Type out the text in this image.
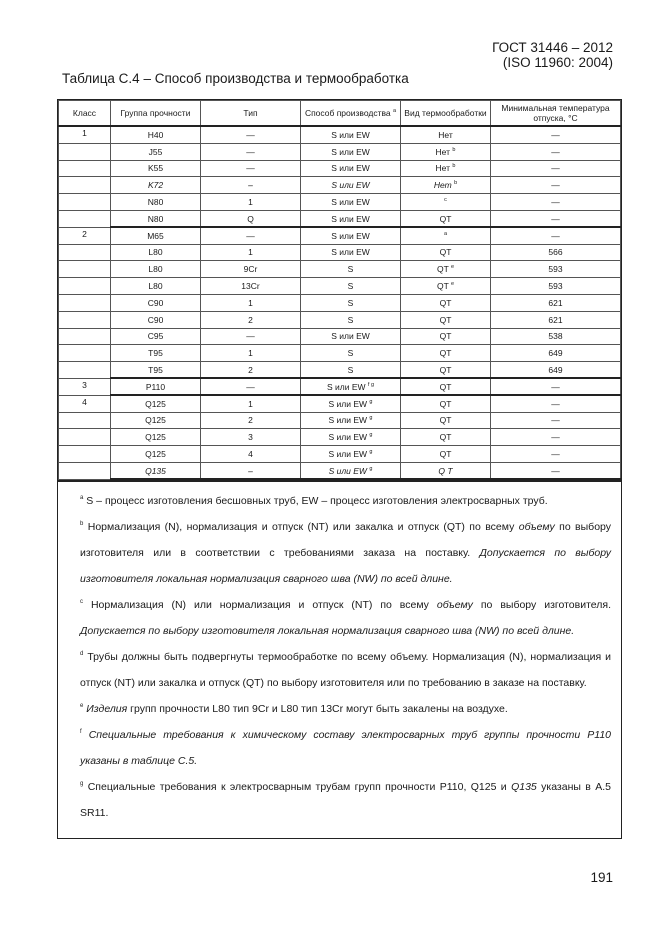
ГОСТ 31446 – 2012
(ISO 11960: 2004)
Таблица С.4 – Способ производства и термообработка
Класс	Группа прочности	Тип	Способ производства $^a$	Вид термообработки	Минимальная температура отпуска, °С
1	H40	—	S или EW	Нет	—
	J55	—	S или EW	Нет $^b$	—
	K55	—	S или EW	Нет $^b$	—
	K72	–	S или EW	Нет $^b$	—
	N80	1	S или EW	$^c$	—
	N80	Q	S или EW	QT	—
2	M65	—	S или EW	$^a$	—
	L80	1	S или EW	QT	566
	L80	9Cr	S	QT $^e$	593
	L80	13Cr	S	QT $^e$	593
	C90	1	S	QT	621
	C90	2	S	QT	621
	C95	—	S или EW	QT	538
	T95	1	S	QT	649
	T95	2	S	QT	649
3	P110	—	S или EW $^{f g}$	QT	—
4	Q125	1	S или EW $^g$	QT	—
	Q125	2	S или EW $^g$	QT	—
	Q125	3	S или EW $^g$	QT	—
	Q125	4	S или EW $^g$	QT	—
	Q135	–	S или EW $^g$	Q T	—

$^a$ S – процесс изготовления бесшовных труб, EW – процесс изготовления электросварных труб.

$^b$ Нормализация (N), нормализация и отпуск (NT) или закалка и отпуск (QT) по всему объему по выбору изготовителя или в соответствии с требованиями заказа на поставку. Допускается по выбору изготовителя локальная нормализация сварного шва (NW) по всей длине.

$^c$ Нормализация (N) или нормализация и отпуск (NT) по всему объему по выбору изготовителя. Допускается по выбору изготовителя локальная нормализация сварного шва (NW) по всей длине.

$^d$ Трубы должны быть подвергнуты термообработке по всему объему. Нормализация (N), нормализация и отпуск (NT) или закалка и отпуск (QT) по выбору изготовителя или по требованию в заказе на поставку.

$^e$ Изделия групп прочности L80 тип 9Cr и L80 тип 13Cr могут быть закалены на воздухе.

$^f$ Специальные требования к химическому составу электросварных труб группы прочности P110 указаны в таблице С.5.

$^g$ Специальные требования к электросварным трубам групп прочности P110, Q125 и Q135 указаны в A.5 SR11.

191
